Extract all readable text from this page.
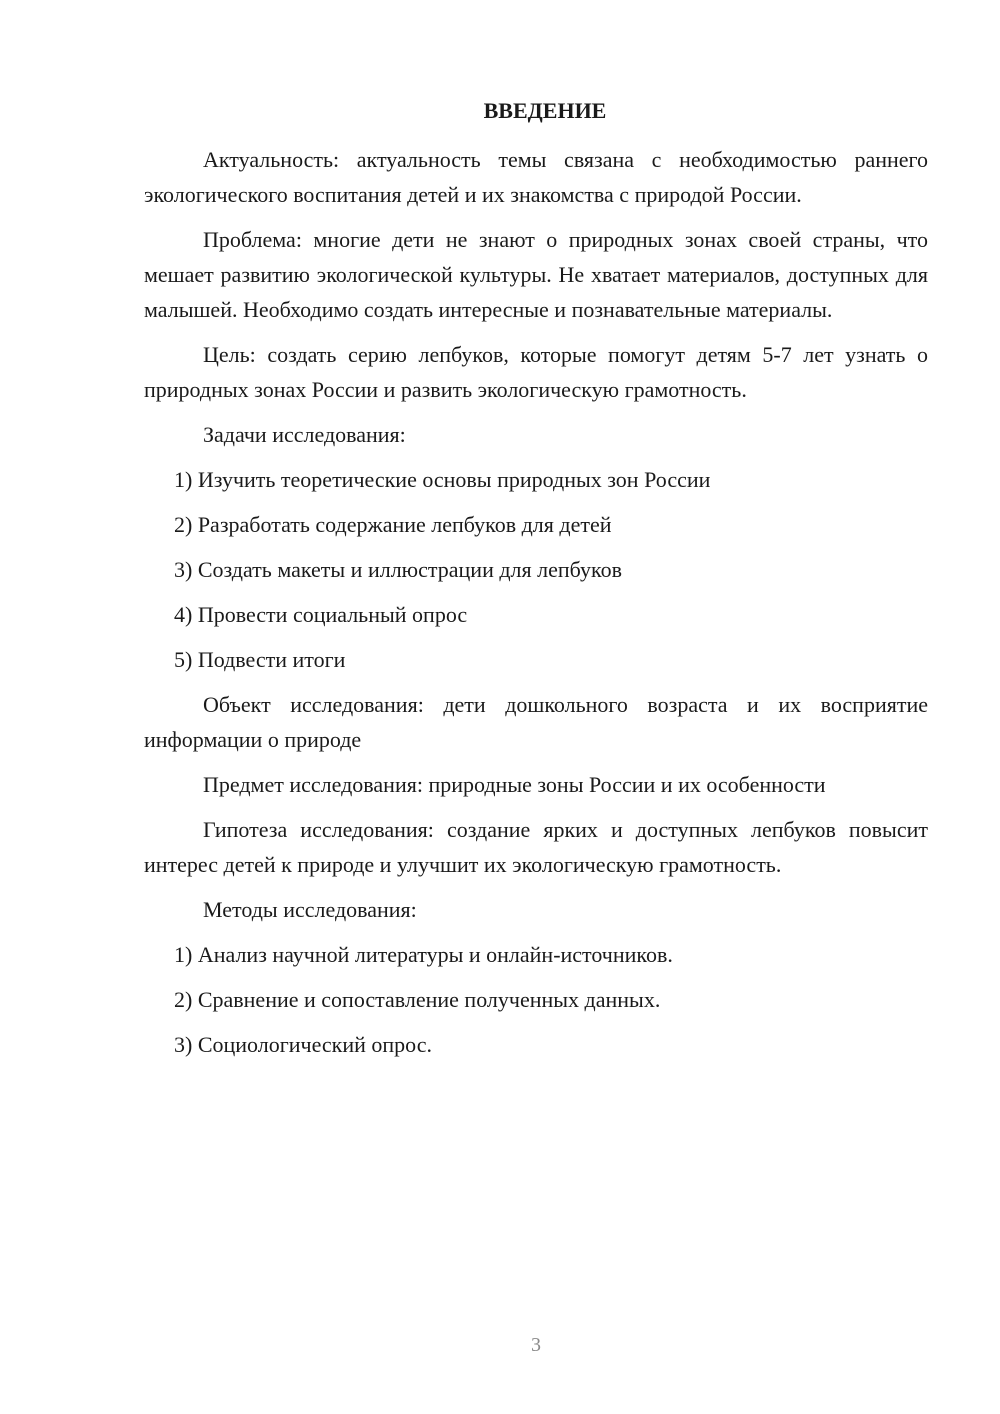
ВВЕДЕНИЕ

Актуальность: актуальность темы связана с необходимостью раннего экологического воспитания детей и их знакомства с природой России.

Проблема: многие дети не знают о природных зонах своей страны, что мешает развитию экологической культуры. Не хватает материалов, доступных для малышей. Необходимо создать интересные и познавательные материалы.

Цель: создать серию лепбуков, которые помогут детям 5-7 лет узнать о природных зонах России и развить экологическую грамотность.

Задачи исследования:

1) Изучить теоретические основы природных зон России

2) Разработать содержание лепбуков для детей

3) Создать макеты и иллюстрации для лепбуков

4) Провести социальный опрос

5) Подвести итоги

Объект исследования: дети дошкольного возраста и их восприятие информации о природе

Предмет исследования: природные зоны России и их особенности

Гипотеза исследования: создание ярких и доступных лепбуков повысит интерес детей к природе и улучшит их экологическую грамотность.

Методы исследования:

1) Анализ научной литературы и онлайн-источников.

2) Сравнение и сопоставление полученных данных.

3) Социологический опрос.

3
